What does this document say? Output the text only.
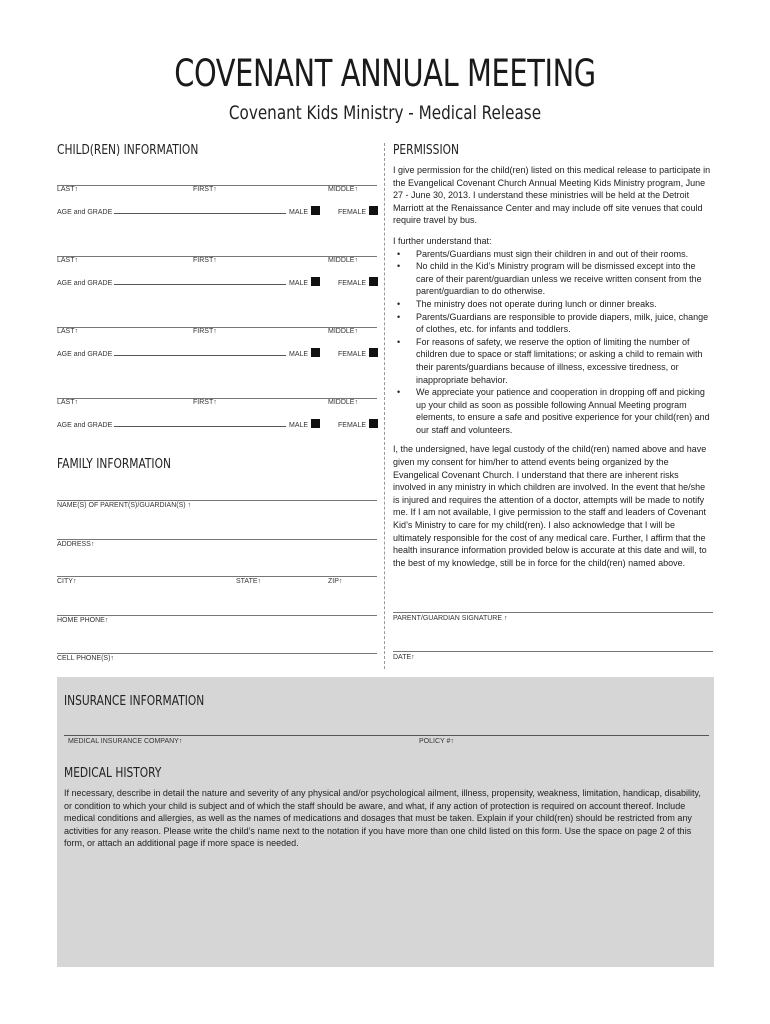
COVENANT ANNUAL MEETING
Covenant Kids Ministry - Medical Release
CHILD(REN) INFORMATION
LAST↑	FIRST↑	MIDDLE↑
AGE and GRADE	MALE	FEMALE
LAST↑	FIRST↑	MIDDLE↑
AGE and GRADE	MALE	FEMALE
LAST↑	FIRST↑	MIDDLE↑
AGE and GRADE	MALE	FEMALE
LAST↑	FIRST↑	MIDDLE↑
AGE and GRADE	MALE	FEMALE
FAMILY INFORMATION
NAME(S) OF PARENT(S)/GUARDIAN(S) ↑
ADDRESS↑
CITY↑	STATE↑	ZIP↑
HOME PHONE↑
CELL PHONE(S)↑
PERMISSION
I give permission for the child(ren) listed on this medical release to participate in the Evangelical Covenant Church Annual Meeting Kids Ministry program, June 27 - June 30, 2013. I understand these ministries will be held at the Detroit Marriott at the Renaissance Center and may include off site venues that could require travel by bus.
I further understand that:
• Parents/Guardians must sign their children in and out of their rooms.
• No child in the Kid’s Ministry program will be dismissed except into the care of their parent/guardian unless we receive written consent from the parent/guardian to do otherwise.
• The ministry does not operate during lunch or dinner breaks.
• Parents/Guardians are responsible to provide diapers, milk, juice, change of clothes, etc. for infants and toddlers.
• For reasons of safety, we reserve the option of limiting the number of children due to space or staff limitations; or asking a child to remain with their parents/guardians because of illness, excessive tiredness, or inappropriate behavior.
• We appreciate your patience and cooperation in dropping off and picking up your child as soon as possible following Annual Meeting program elements, to ensure a safe and positive experience for your child(ren) and our staff and volunteers.
I, the undersigned, have legal custody of the child(ren) named above and have given my consent for him/her to attend events being organized by the Evangelical Covenant Church. I understand that there are inherent risks involved in any ministry in which children are involved. In the event that he/she is injured and requires the attention of a doctor, attempts will be made to notify me. If I am not available, I give permission to the staff and leaders of Covenant Kid’s Ministry to care for my child(ren). I also acknowledge that I will be ultimately responsible for the cost of any medical care. Further, I affirm that the health insurance information provided below is accurate at this date and will, to the best of my knowledge, still be in force for the child(ren) named above.
PARENT/GUARDIAN SIGNATURE ↑
DATE↑
INSURANCE INFORMATION
MEDICAL INSURANCE COMPANY↑	POLICY #↑
MEDICAL HISTORY
If necessary, describe in detail the nature and severity of any physical and/or psychological ailment, illness, propensity, weakness, limitation, handicap, disability, or condition to which your child is subject and of which the staff should be aware, and what, if any action of protection is required on account thereof. Include medical conditions and allergies, as well as the names of medications and dosages that must be taken. Explain if your child(ren) should be restricted from any activities for any reason. Please write the child’s name next to the notation if you have more than one child listed on this form. Use the space on page 2 of this form, or attach an additional page if more space is needed.
